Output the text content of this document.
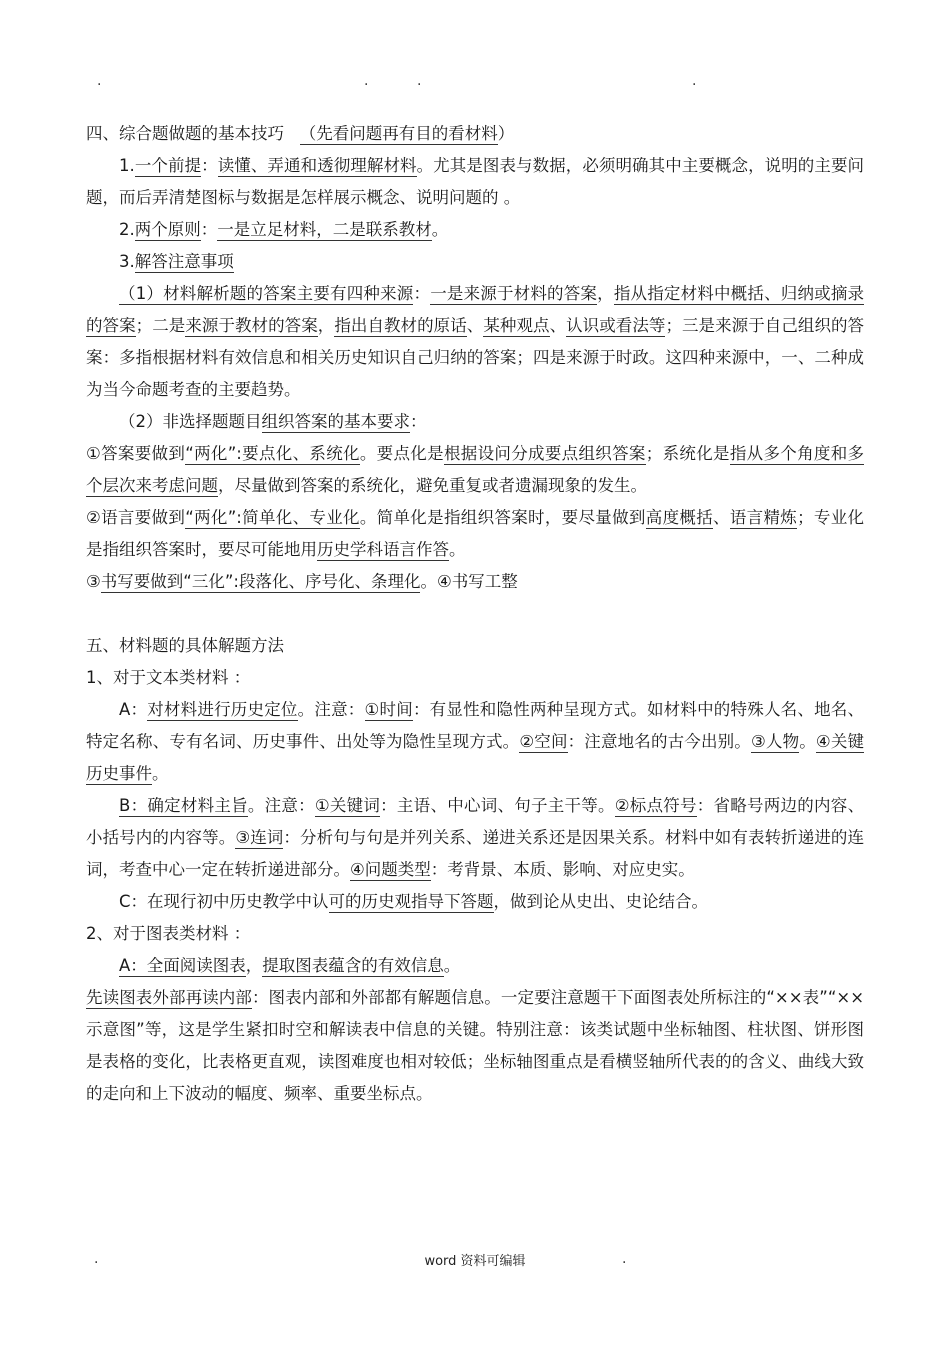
.	.	.	.

四、综合题做题的基本技巧 （先看问题再有目的看材料）

1.一个前提：读懂、弄通和透彻理解材料。尤其是图表与数据，必须明确其中主要概念，说明的主要问题，而后弄清楚图标与数据是怎样展示概念、说明问题的 。

2.两个原则：一是立足材料，二是联系教材。

3.解答注意事项

（1）材料解析题的答案主要有四种来源：一是来源于材料的答案，指从指定材料中概括、归纳或摘录的答案；二是来源于教材的答案，指出自教材的原话、某种观点、认识或看法等；三是来源于自己组织的答案：多指根据材料有效信息和相关历史知识自己归纳的答案；四是来源于时政。这四种来源中，一、二种成为当今命题考查的主要趋势。

（2）非选择题题目组织答案的基本要求：

①答案要做到“两化”:要点化、系统化。要点化是根据设问分成要点组织答案；系统化是指从多个角度和多个层次来考虑问题，尽量做到答案的系统化，避免重复或者遗漏现象的发生。

②语言要做到“两化”:简单化、专业化。简单化是指组织答案时，要尽量做到高度概括、语言精炼；专业化是指组织答案时，要尽可能地用历史学科语言作答。

③书写要做到“三化”:段落化、序号化、条理化。④书写工整

五、材料题的具体解题方法

1、对于文本类材料 ：

A：对材料进行历史定位。注意：①时间：有显性和隐性两种呈现方式。如材料中的特殊人名、地名、特定名称、专有名词、历史事件、出处等为隐性呈现方式。②空间：注意地名的古今出别。③人物。④关键历史事件。

B：确定材料主旨。注意：①关键词：主语、中心词、句子主干等。②标点符号：省略号两边的内容、小括号内的内容等。③连词：分析句与句是并列关系、递进关系还是因果关系。材料中如有表转折递进的连词，考查中心一定在转折递进部分。④问题类型：考背景、本质、影响、对应史实。

C：在现行初中历史教学中认可的历史观指导下答题，做到论从史出、史论结合。

2、对于图表类材料 ：

A：全面阅读图表，提取图表蕴含的有效信息。

先读图表外部再读内部：图表内部和外部都有解题信息。一定要注意题干下面图表处所标注的“××表”“××示意图”等，这是学生紧扣时空和解读表中信息的关键。特别注意：该类试题中坐标轴图、柱状图、饼形图是表格的变化，比表格更直观，读图难度也相对较低；坐标轴图重点是看横竖轴所代表的的含义、曲线大致的走向和上下波动的幅度、频率、重要坐标点。

.	word 资料可编辑	.
